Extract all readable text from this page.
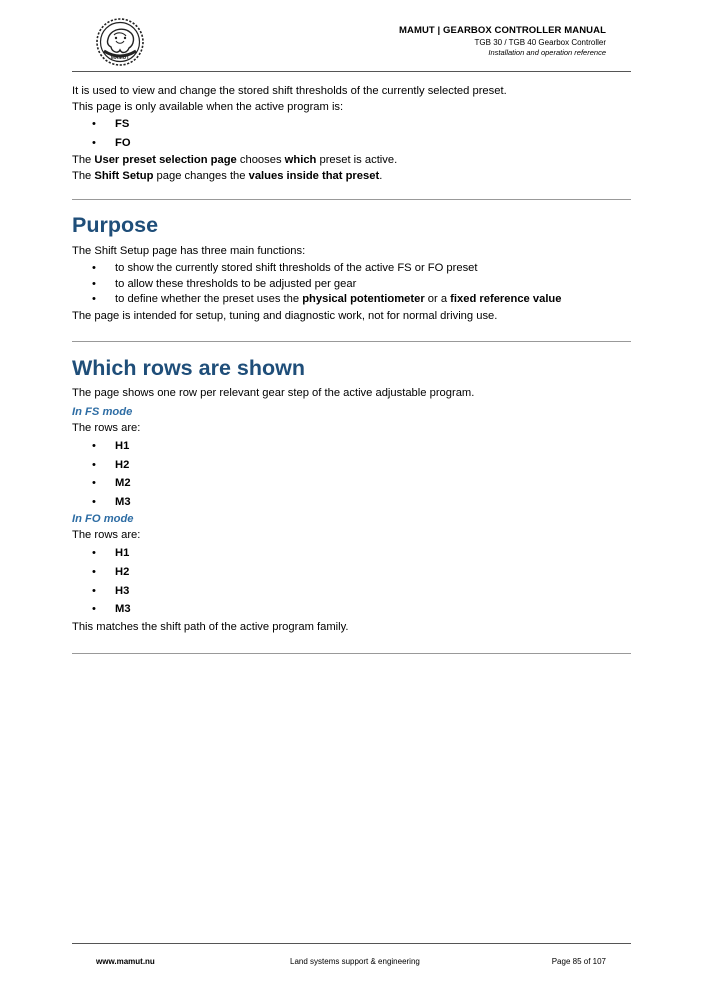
MAMUT
MAMUT | GEARBOX CONTROLLER MANUAL
TGB 30 / TGB 40 Gearbox Controller
Installation and operation reference

It is used to view and change the stored shift thresholds of the currently selected preset.

This page is only available when the active program is:

• FS
• FO

The User preset selection page chooses which preset is active.

The Shift Setup page changes the values inside that preset.

Purpose

The Shift Setup page has three main functions:

• to show the currently stored shift thresholds of the active FS or FO preset
• to allow these thresholds to be adjusted per gear
• to define whether the preset uses the physical potentiometer or a fixed reference value

The page is intended for setup, tuning and diagnostic work, not for normal driving use.

Which rows are shown

The page shows one row per relevant gear step of the active adjustable program.

In FS mode

The rows are:

• H1
• H2
• M2
• M3
In FO mode

The rows are:

• H1
• H2
• H3
• M3

This matches the shift path of the active program family.

www.mamut.nu	Land systems support & engineering	Page 85 of 107
